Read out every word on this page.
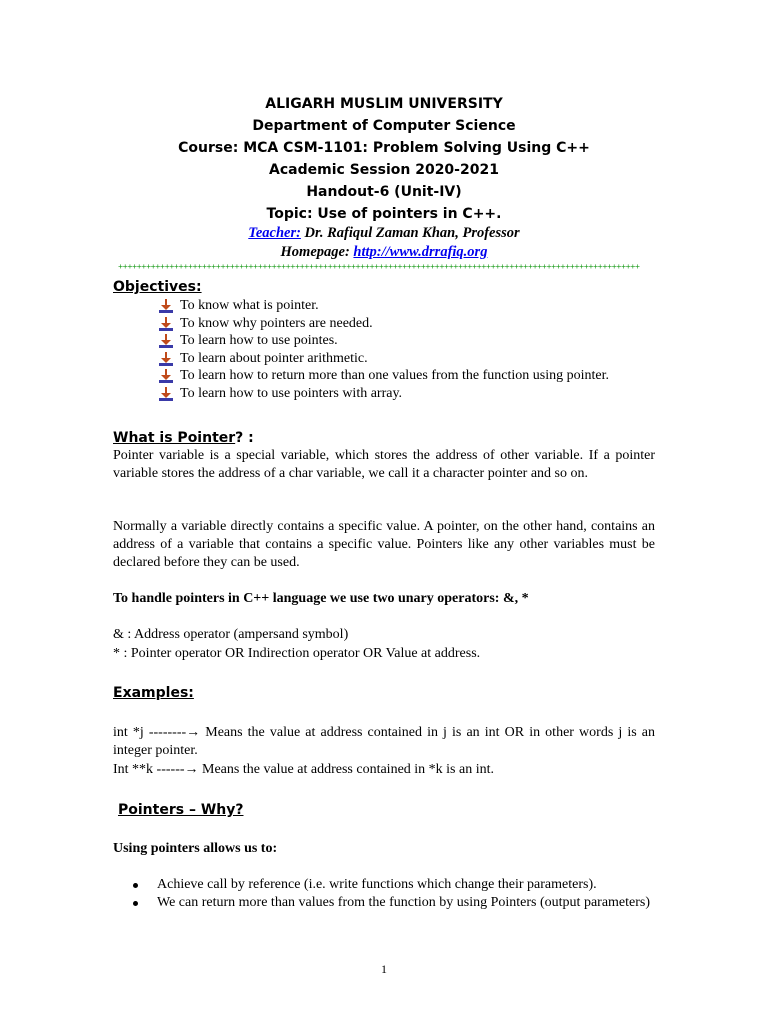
ALIGARH MUSLIM UNIVERSITY
Department of Computer Science
Course: MCA CSM-1101: Problem Solving Using C++
Academic Session 2020-2021
Handout-6 (Unit-IV)
Topic: Use of pointers in C++.
Teacher: Dr. Rafiqul Zaman Khan, Professor
Homepage: http://www.drrafiq.org
++++++++++++++++++++++++++++++++++++++++++++++++++++++++++++++++++++++++++++++++++++++++++++++++++++++++++++++++
Objectives:
To know what is pointer.
To know why pointers are needed.
To learn how to use pointes.
To learn about pointer arithmetic.
To learn how to return more than one values from the function using pointer.
To learn how to use pointers with array.
What is Pointer? :

Pointer variable is a special variable, which stores the address of other variable. If a pointer variable stores the address of a char variable, we call it a character pointer and so on.

Normally a variable directly contains a specific value. A pointer, on the other hand, contains an address of a variable that contains a specific value. Pointers like any other variables must be declared before they can be used.

To handle pointers in C++ language we use two unary operators: &, *

& : Address operator (ampersand symbol)

* : Pointer operator OR Indirection operator OR Value at address.

Examples:

int *j --------→ Means the value at address contained in j is an int OR in other words j is an integer pointer.

Int **k ------→ Means the value at address contained in *k is an int.

Pointers – Why?

Using pointers allows us to:

Achieve call by reference (i.e. write functions which change their parameters).
We can return more than values from the function by using Pointers (output parameters)
1
